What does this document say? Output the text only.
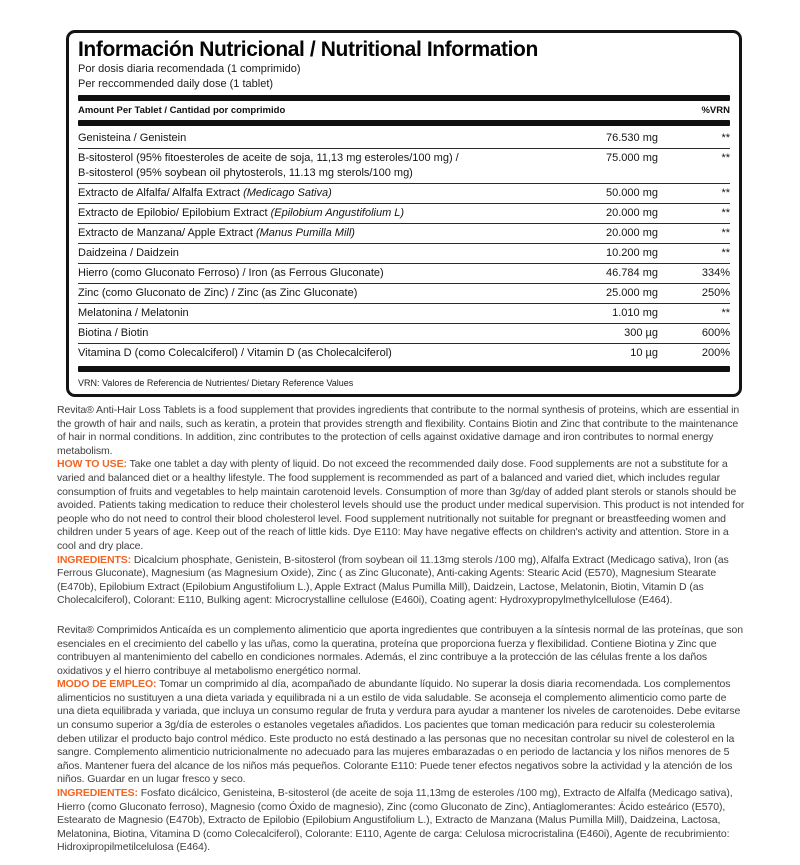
Información Nutricional / Nutritional Information

Por dosis diaria recomendada (1 comprimido)

Per reccommended daily dose (1 tablet)

Amount Per Tablet / Cantidad por comprimido	%VRN
Genisteina / Genistein	76.530 mg	**
B-sitosterol (95% fitoesteroles de aceite de soja, 11,13 mg esteroles/100 mg) /
B-sitosterol (95% soybean oil phytosterols, 11.13 mg sterols/100 mg)
75.000 mg	**
Extracto de Alfalfa/ Alfalfa Extract (Medicago Sativa)	50.000 mg	**
Extracto de Epilobio/ Epilobium Extract (Epilobium Angustifolium L)	20.000 mg	**
Extracto de Manzana/ Apple Extract (Manus Pumilla Mill)	20.000 mg	**
Daidzeina / Daidzein	10.200 mg	**
Hierro (como Gluconato Ferroso) / Iron (as Ferrous Gluconate)	46.784 mg	334%
Zinc (como Gluconato de Zinc) / Zinc (as Zinc Gluconate)	25.000 mg	250%
Melatonina / Melatonin	1.010 mg	**
Biotina / Biotin	300 µg	600%
Vitamina D (como Colecalciferol) / Vitamin D (as Cholecalciferol)	10 µg	200%

VRN: Valores de Referencia de Nutrientes/ Dietary Reference Values

Revita® Anti-Hair Loss Tablets is a food supplement that provides ingredients that contribute to the normal synthesis of proteins, which are essential in the growth of hair and nails, such as keratin, a protein that provides strength and flexibility. Contains Biotin and Zinc that contribute to the maintenance of hair in normal conditions. In addition, zinc contributes to the protection of cells against oxidative damage and iron contributes to normal energy metabolism.

HOW TO USE: Take one tablet a day with plenty of liquid. Do not exceed the recommended daily dose. Food supplements are not a substitute for a varied and balanced diet or a healthy lifestyle. The food supplement is recommended as part of a balanced and varied diet, which includes regular consumption of fruits and vegetables to help maintain carotenoid levels. Consumption of more than 3g/day of added plant sterols or stanols should be avoided. Patients taking medication to reduce their cholesterol levels should use the product under medical supervision. This product is not intended for people who do not need to control their blood cholesterol level. Food supplement nutritionally not suitable for pregnant or breastfeeding women and children under 5 years of age. Keep out of the reach of little kids. Dye E110: May have negative effects on children's activity and attention. Store in a cool and dry place.

INGREDIENTS: Dicalcium phosphate, Genistein, B-sitosterol (from soybean oil 11.13mg sterols /100 mg), Alfalfa Extract (Medicago sativa), Iron (as Ferrous Gluconate), Magnesium (as Magnesium Oxide), Zinc ( as Zinc Gluconate), Anti-caking Agents: Stearic Acid (E570), Magnesium Stearate (E470b), Epilobium Extract (Epilobium Angustifolium L.), Apple Extract (Malus Pumilla Mill), Daidzein, Lactose, Melatonin, Biotin, Vitamin D (as Cholecalciferol), Colorant: E110, Bulking agent: Microcrystalline cellulose (E460i), Coating agent: Hydroxypropylmethylcellulose (E464).

Revita® Comprimidos Anticaída es un complemento alimenticio que aporta ingredientes que contribuyen a la síntesis normal de las proteínas, que son esenciales en el crecimiento del cabello y las uñas, como la queratina, proteína que proporciona fuerza y flexibilidad. Contiene Biotina y Zinc que contribuyen al mantenimiento del cabello en condiciones normales. Además, el zinc contribuye a la protección de las células frente a los daños oxidativos y el hierro contribuye al metabolismo energético normal.

MODO DE EMPLEO: Tomar un comprimido al día, acompañado de abundante líquido. No superar la dosis diaria recomendada. Los complementos alimenticios no sustituyen a una dieta variada y equilibrada ni a un estilo de vida saludable. Se aconseja el complemento alimenticio como parte de una dieta equilibrada y variada, que incluya un consumo regular de fruta y verdura para ayudar a mantener los niveles de carotenoides. Debe evitarse un consumo superior a 3g/día de esteroles o estanoles vegetales añadidos. Los pacientes que toman medicación para reducir su colesterolemia deben utilizar el producto bajo control médico. Este producto no está destinado a las personas que no necesitan controlar su nivel de colesterol en la sangre. Complemento alimenticio nutricionalmente no adecuado para las mujeres embarazadas o en periodo de lactancia y los niños menores de 5 años. Mantener fuera del alcance de los niños más pequeños. Colorante E110: Puede tener efectos negativos sobre la actividad y la atención de los niños. Guardar en un lugar fresco y seco.

INGREDIENTES: Fosfato dicálcico, Genisteina, B-sitosterol (de aceite de soja 11,13mg de esteroles /100 mg), Extracto de Alfalfa (Medicago sativa), Hierro (como Gluconato ferroso), Magnesio (como Óxido de magnesio), Zinc (como Gluconato de Zinc), Antiaglomerantes: Ácido esteárico (E570), Estearato de Magnesio (E470b), Extracto de Epilobio (Epilobium Angustifolium L.), Extracto de Manzana (Malus Pumilla Mill), Daidzeina, Lactosa, Melatonina, Biotina, Vitamina D (como Colecalciferol), Colorante: E110, Agente de carga: Celulosa microcristalina (E460i), Agente de recubrimiento: Hidroxipropilmetilcelulosa (E464).
